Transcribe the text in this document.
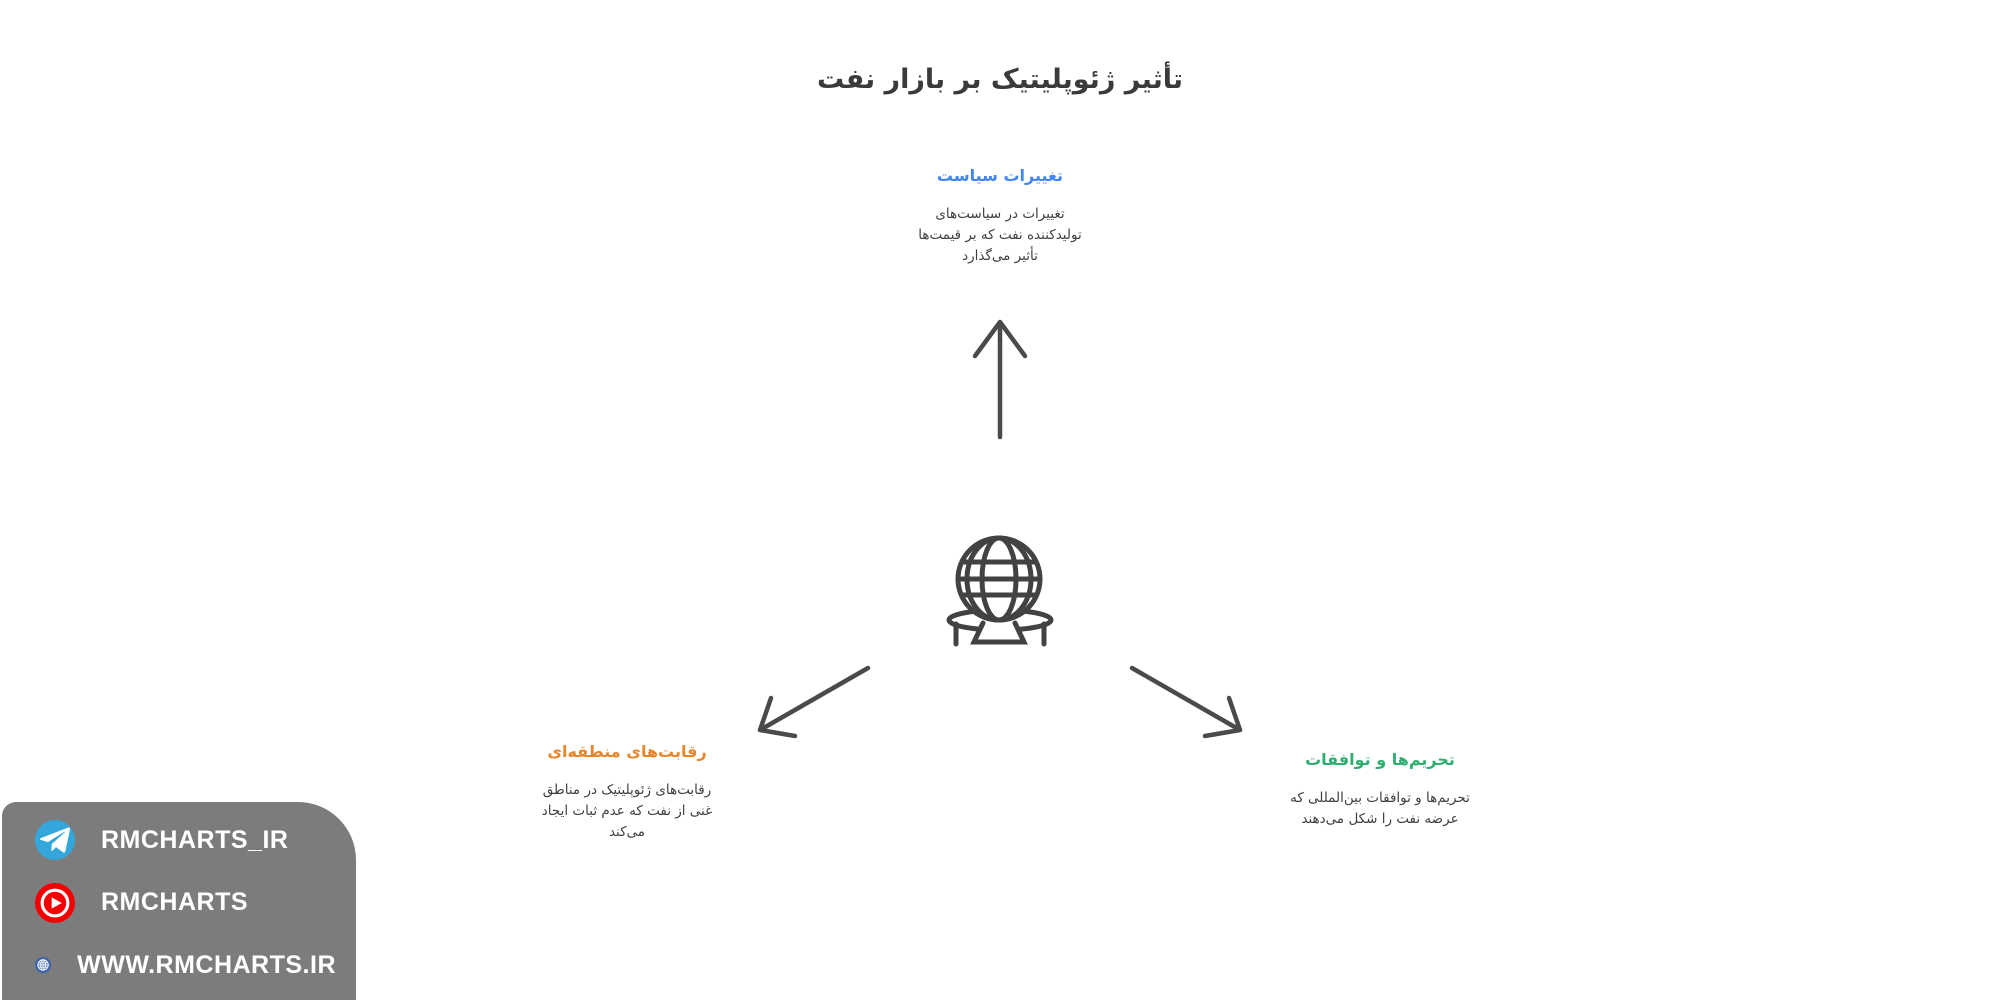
تأثیر ژئوپلیتیک بر بازار نفت
تغییرات سیاست
تغییرات در سیاست‌های
تولیدکننده نفت که بر قیمت‌ها
تأثیر می‌گذارد
رقابت‌های منطقه‌ای
رقابت‌های ژئوپلیتیک در مناطق
غنی از نفت که عدم ثبات ایجاد
می‌کند
تحریم‌ها و توافقات
تحریم‌ها و توافقات بین‌المللی که
عرضه نفت را شکل می‌دهند
RMCHARTS_IR
RMCHARTS
WWW.RMCHARTS.IR
